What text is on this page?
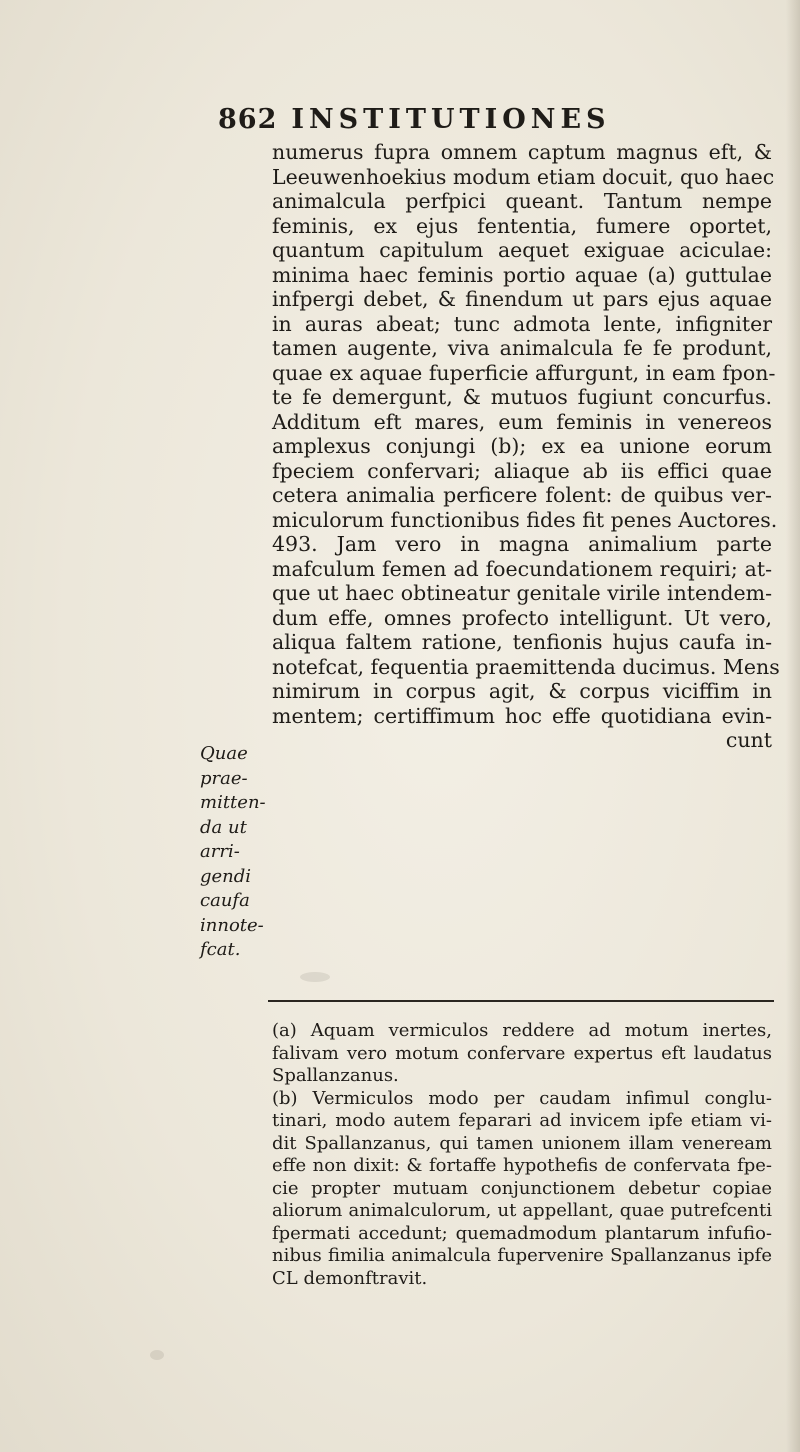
862 INSTITUTIONES
numerus fupra omnem captum magnus eft, &
Leeuwenhoekius modum etiam docuit, quo haec
animalcula perfpici queant. Tantum nempe
feminis, ex ejus fententia, fumere oportet,
quantum capitulum aequet exiguae aciculae:
minima haec feminis portio aquae (a) guttulae
infpergi debet, & finendum ut pars ejus aquae
in auras abeat; tunc admota lente, infigniter
tamen augente, viva animalcula fe fe produnt,
quae ex aquae fuperficie affurgunt, in eam fpon-
te fe demergunt, & mutuos fugiunt concurfus.
Additum eft mares, eum feminis in venereos
amplexus conjungi (b); ex ea unione eorum
fpeciem confervari; aliaque ab iis effici quae
cetera animalia perficere folent: de quibus ver-
miculorum functionibus fides fit penes Auctores.
493. Jam vero in magna animalium parte
mafculum femen ad foecundationem requiri; at-
que ut haec obtineatur genitale virile intendem-
dum effe, omnes profecto intelligunt. Ut vero,
aliqua faltem ratione, tenfionis hujus caufa in-
notefcat, fequentia praemittenda ducimus. Mens
nimirum in corpus agit, & corpus viciffim in
mentem; certiffimum hoc effe quotidiana evin-
cunt
Quae
prae-
mitten-
da ut
arri-
gendi
caufa
innote-
fcat.
(a) Aquam vermiculos reddere ad motum inertes,
falivam vero motum confervare expertus eft laudatus
Spallanzanus.
(b) Vermiculos modo per caudam infimul conglu-
tinari, modo autem feparari ad invicem ipfe etiam vi-
dit Spallanzanus, qui tamen unionem illam veneream
effe non dixit: & fortaffe hypothefis de confervata fpe-
cie propter mutuam conjunctionem debetur copiae
aliorum animalculorum, ut appellant, quae putrefcenti
fpermati accedunt; quemadmodum plantarum infufio-
nibus fimilia animalcula fupervenire Spallanzanus ipfe
CL demonftravit.
